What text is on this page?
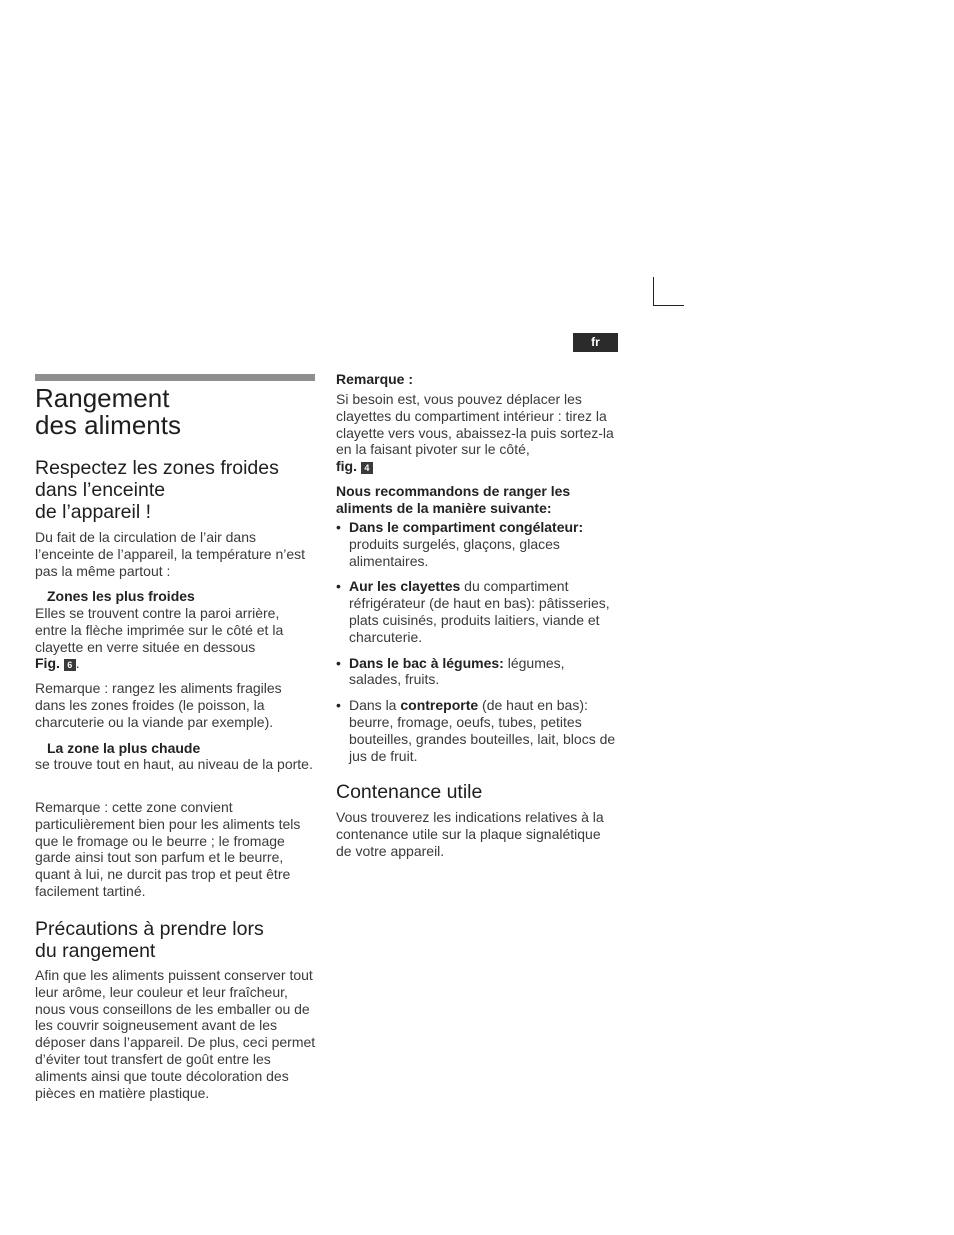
fr
Rangement
des aliments
Respectez les zones froides
dans l’enceinte
de l’appareil !

Du fait de la circulation de l’air dans l’enceinte de l’appareil, la température n’est pas la même partout :

Zones les plus froides

Elles se trouvent contre la paroi arrière, entre la flèche imprimée sur le côté et la clayette en verre située en dessous
Fig. 6 .

Remarque : rangez les aliments fragiles dans les zones froides (le poisson, la charcuterie ou la viande par exemple).

La zone la plus chaude

se trouve tout en haut, au niveau de la porte.

Remarque : cette zone convient particulièrement bien pour les aliments tels que le fromage ou le beurre ; le fromage garde ainsi tout son parfum et le beurre, quant à lui, ne durcit pas trop et peut être facilement tartiné.

Précautions à prendre lors
du rangement

Afin que les aliments puissent conserver tout leur arôme, leur couleur et leur fraîcheur, nous vous conseillons de les emballer ou de les couvrir soigneusement avant de les déposer dans l’appareil. De plus, ceci permet d’éviter tout transfert de goût entre les aliments ainsi que toute décoloration des pièces en matière plastique.

Remarque :

Si besoin est, vous pouvez déplacer les clayettes du compartiment intérieur : tirez la clayette vers vous, abaissez-la puis sortez-la en la faisant pivoter sur le côté,
fig. 4

Nous recommandons de ranger les aliments de la manière suivante:

• Dans le compartiment congélateur: produits surgelés, glaçons, glaces alimentaires.
• Aur les clayettes du compartiment réfrigérateur (de haut en bas): pâtisseries, plats cuisinés, produits laitiers, viande et charcuterie.
• Dans le bac à légumes: légumes, salades, fruits.
• Dans la contreporte (de haut en bas): beurre, fromage, oeufs, tubes, petites bouteilles, grandes bouteilles, lait, blocs de jus de fruit.
Contenance utile

Vous trouverez les indications relatives à la contenance utile sur la plaque signalétique de votre appareil.
